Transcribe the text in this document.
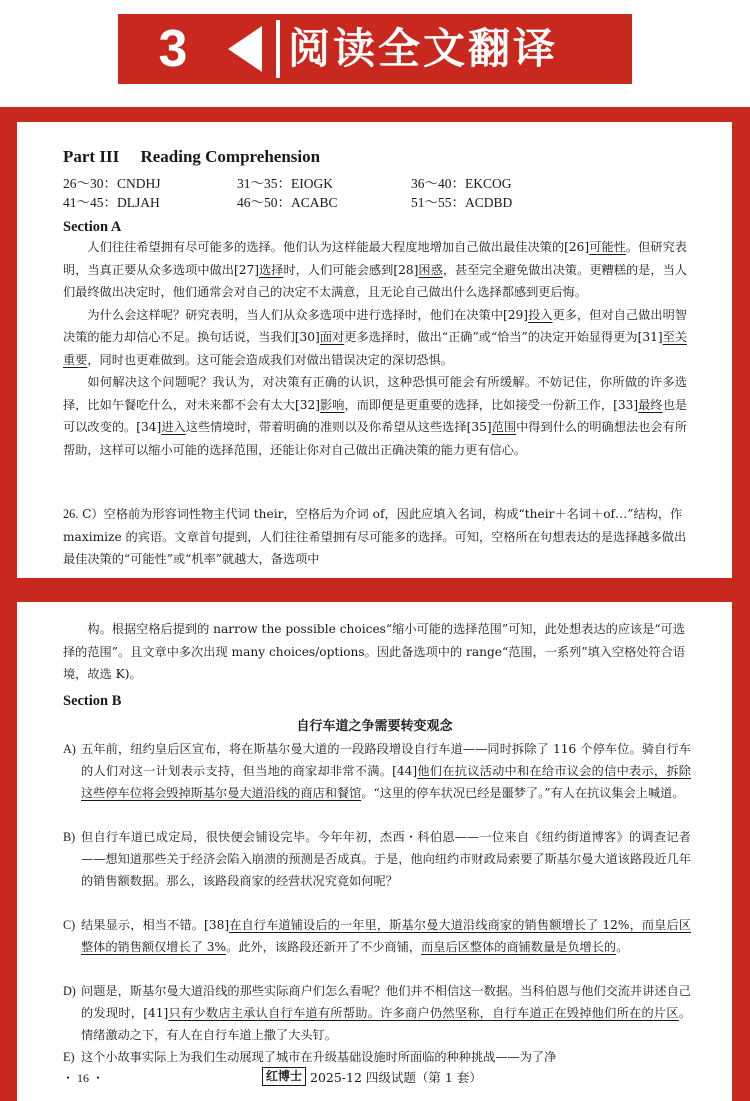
3	阅读全文翻译
Part III　 Reading Comprehension
26～30：CNDHJ	31～35：EIOGK	36～40：EKCOG
41～45：DLJAH	46～50：ACABC	51～55：ACDBD
Section A

人们往往希望拥有尽可能多的选择。他们认为这样能最大程度地增加自己做出最佳决策的[26]可能性。但研究表明，当真正要从众多选项中做出[27]选择时，人们可能会感到[28]困惑，甚至完全避免做出决策。更糟糕的是，当人们最终做出决定时，他们通常会对自己的决定不太满意，且无论自己做出什么选择都感到更后悔。

为什么会这样呢？研究表明，当人们从众多选项中进行选择时，他们在决策中[29]投入更多，但对自己做出明智决策的能力却信心不足。换句话说，当我们[30]面对更多选择时，做出“正确”或“恰当”的决定开始显得更为[31]至关重要，同时也更难做到。这可能会造成我们对做出错误决定的深切恐惧。

如何解决这个问题呢？我认为，对决策有正确的认识，这种恐惧可能会有所缓解。不妨记住，你所做的许多选择，比如午餐吃什么，对未来都不会有太大[32]影响，而即便是更重要的选择，比如接受一份新工作，[33]最终也是可以改变的。[34]进入这些情境时，带着明确的准则以及你希望从这些选择[35]范围中得到什么的明确想法也会有所帮助，这样可以缩小可能的选择范围，还能让你对自己做出正确决策的能力更有信心。

26. C）空格前为形容词性物主代词 their，空格后为介词 of，因此应填入名词，构成“their＋名词＋of…”结构，作 maximize 的宾语。文章首句提到，人们往往希望拥有尽可能多的选择。可知，空格所在句想表达的是选择越多做出最佳决策的“可能性”或“机率”就越大，备选项中
构。根据空格后提到的 narrow the possible choices“缩小可能的选择范围”可知，此处想表达的应该是“可选择的范围”。且文章中多次出现 many choices/options。因此备选项中的 range“范围，一系列”填入空格处符合语境，故选 K)。
Section B
自行车道之争需要转变观念
A) 五年前，纽约皇后区宣布，将在斯基尔曼大道的一段路段增设自行车道——同时拆除了 116 个停车位。骑自行车的人们对这一计划表示支持，但当地的商家却非常不满。[44]他们在抗议活动中和在给市议会的信中表示，拆除这些停车位将会毁掉斯基尔曼大道沿线的商店和餐馆。“这里的停车状况已经是噩梦了。”有人在抗议集会上喊道。
B) 但自行车道已成定局，很快便会铺设完毕。今年年初，杰西・科伯恩——一位来自《纽约街道博客》的调查记者——想知道那些关于经济会陷入崩溃的预测是否成真。于是，他向纽约市财政局索要了斯基尔曼大道该路段近几年的销售额数据。那么，该路段商家的经营状况究竟如何呢？
C) 结果显示，相当不错。[38]在自行车道铺设后的一年里，斯基尔曼大道沿线商家的销售额增长了 12%，而皇后区整体的销售额仅增长了 3%。此外，该路段还新开了不少商铺，而皇后区整体的商铺数量是负增长的。
D) 问题是，斯基尔曼大道沿线的那些实际商户们怎么看呢？他们并不相信这一数据。当科伯恩与他们交流并讲述自己的发现时，[41]只有少数店主承认自行车道有所帮助。许多商户仍然坚称，自行车道正在毁掉他们所在的片区。情绪激动之下，有人在自行车道上撒了大头钉。
E) 这个小故事实际上为我们生动展现了城市在升级基础设施时所面临的种种挑战——为了净
・ 16 ・	红博士 2025-12 四级试题（第 1 套）
